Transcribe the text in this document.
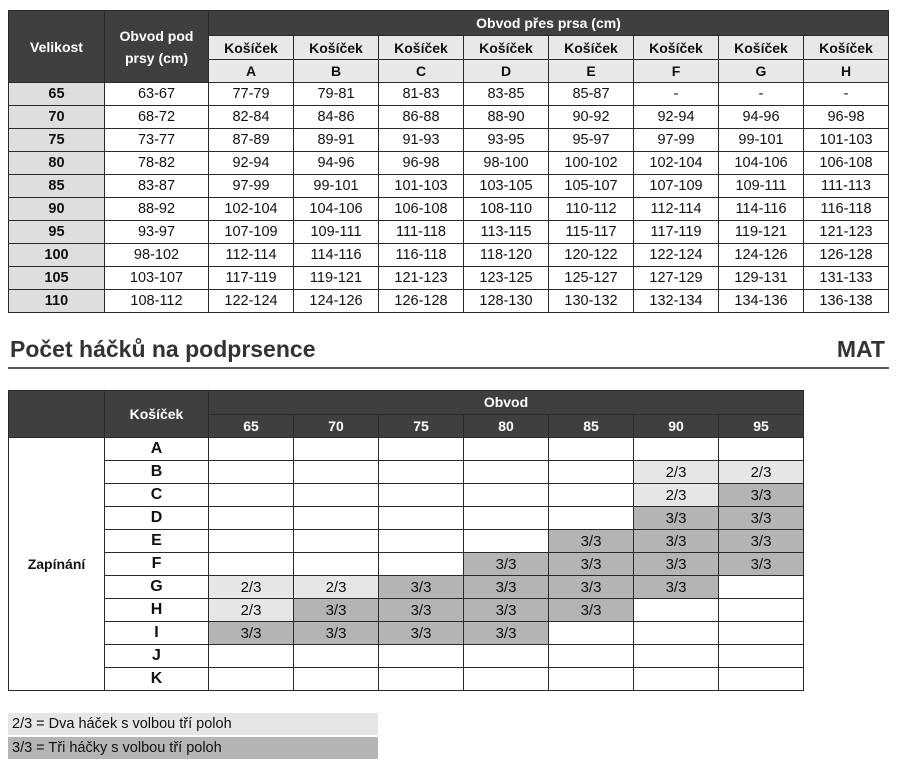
Velikost	Obvod pod prsy (cm)	Obvod přes prsa (cm)							
		Košíček	Košíček	Košíček	Košíček	Košíček	Košíček	Košíček	Košíček
		A	B	C	D	E	F	G	H
65	63-67	77-79	79-81	81-83	83-85	85-87	-	-	-
70	68-72	82-84	84-86	86-88	88-90	90-92	92-94	94-96	96-98
75	73-77	87-89	89-91	91-93	93-95	95-97	97-99	99-101	101-103
80	78-82	92-94	94-96	96-98	98-100	100-102	102-104	104-106	106-108
85	83-87	97-99	99-101	101-103	103-105	105-107	107-109	109-111	111-113
90	88-92	102-104	104-106	106-108	108-110	110-112	112-114	114-116	116-118
95	93-97	107-109	109-111	111-118	113-115	115-117	117-119	119-121	121-123
100	98-102	112-114	114-116	116-118	118-120	120-122	122-124	124-126	126-128
105	103-107	117-119	119-121	121-123	123-125	125-127	127-129	129-131	131-133
110	108-112	122-124	124-126	126-128	128-130	130-132	132-134	134-136	136-138
Počet háčků na podprsence	MAT
	Košíček	Obvod						
		65	70	75	80	85	90	95
Zapínání	A							
	B						2/3	2/3
	C						2/3	3/3
	D						3/3	3/3
	E					3/3	3/3	3/3
	F				3/3	3/3	3/3	3/3
	G	2/3	2/3	3/3	3/3	3/3	3/3	
	H	2/3	3/3	3/3	3/3	3/3		
	I	3/3	3/3	3/3	3/3			
	J							
	K							
2/3 = Dva háček s volbou tří poloh
3/3 = Tři háčky s volbou tří poloh
